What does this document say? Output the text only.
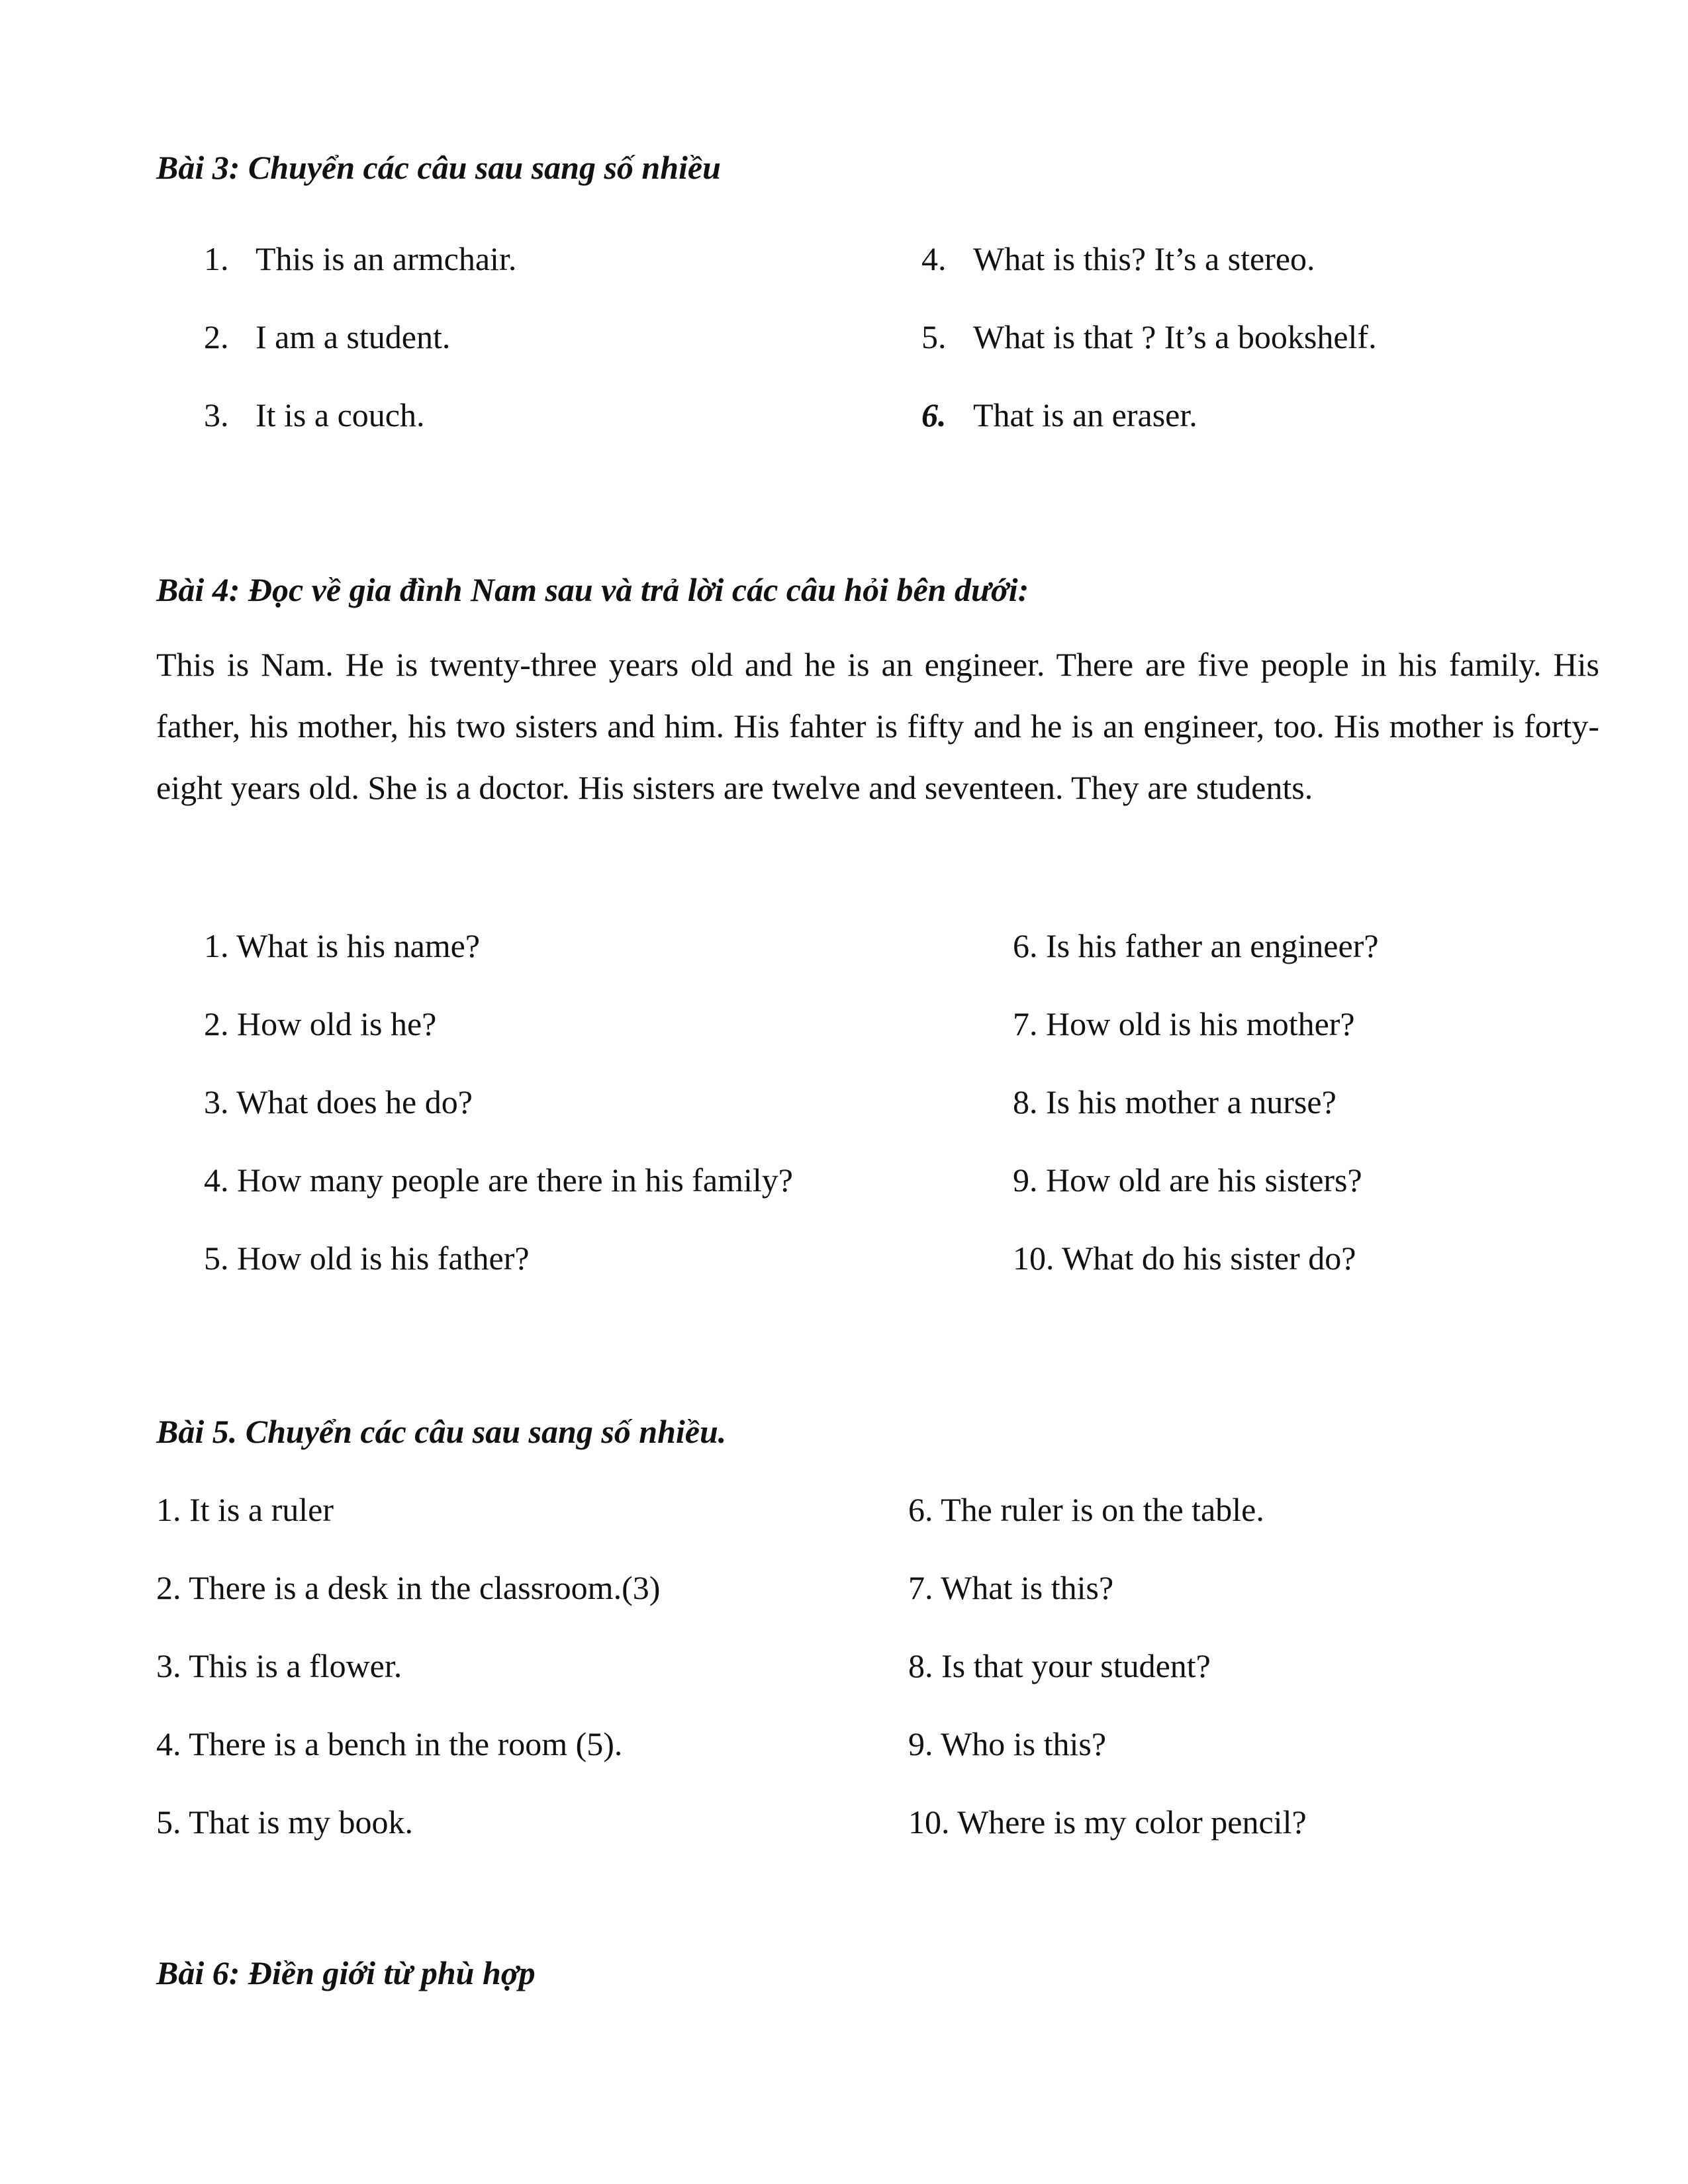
Bài 3: Chuyển các câu sau sang số nhiều
1. This is an armchair.
2. I am a student.
3. It is a couch.
4. What is this? It’s a stereo.
5. What is that ? It’s a bookshelf.
6. That is an eraser.
Bài 4: Đọc về gia đình Nam sau và trả lời các câu hỏi bên dưới:

This is Nam. He is twenty-three years old and he is an engineer. There are five people in his family. His father, his mother, his two sisters and him. His fahter is fifty and he is an engineer, too. His mother is forty- eight years old. She is a doctor. His sisters are twelve and seventeen. They are students.

1. What is his name?
2. How old is he?
3. What does he do?
4. How many people are there in his family?
5. How old is his father?
6. Is his father an engineer?
7. How old is his mother?
8. Is his mother a nurse?
9. How old are his sisters?
10. What do his sister do?
Bài 5. Chuyển các câu sau sang số nhiều.
1. It is a ruler
2. There is a desk in the classroom.(3)
3. This is a flower.
4. There is a bench in the room (5).
5. That is my book.
6. The ruler is on the table.
7. What is this?
8. Is that your student?
9. Who is this?
10. Where is my color pencil?
Bài 6: Điền giới từ phù hợp
